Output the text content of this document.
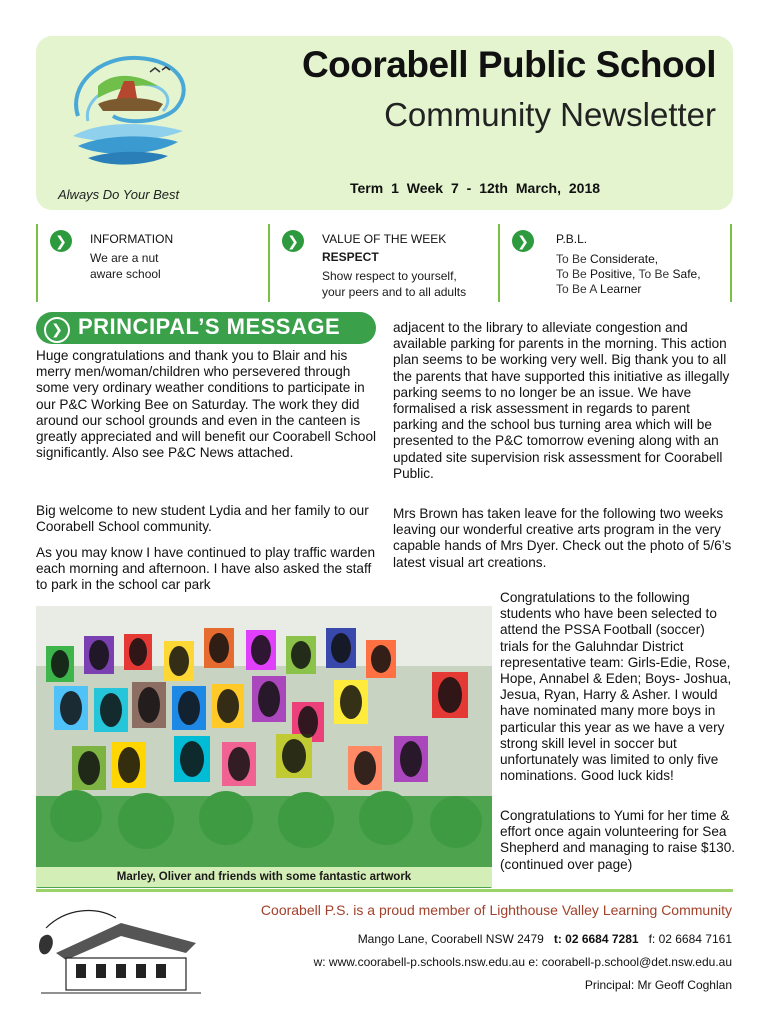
Coorabell Public School
Community Newsletter
Always Do Your Best	Term 1 Week 7 - 12th March, 2018
❯	INFORMATION
We are a nut
aware school
❯	VALUE OF THE WEEK
RESPECT
Show respect to yourself,
your peers and to all adults
❯	P.B.L.
To Be Considerate,
To Be Positive, To Be Safe,
To Be A Learner
❯ PRINCIPAL’S MESSAGE
Huge congratulations and thank you to Blair and his merry men/woman/children who persevered through some very ordinary weather conditions to participate in our P&C Working Bee on Saturday. The work they did around our school grounds and even in the canteen is greatly appreciated and will benefit our Coorabell School significantly. Also see P&C News attached.
Big welcome to new student Lydia and her family to our Coorabell School community.
As you may know I have continued to play traffic warden each morning and afternoon. I have also asked the staff to park in the school car park
adjacent to the library to alleviate congestion and available parking for parents in the morning. This action plan seems to be working very well. Big thank you to all the parents that have supported this initiative as illegally parking seems to no longer be an issue. We have formalised a risk assessment in regards to parent parking and the school bus turning area which will be presented to the P&C tomorrow evening along with an updated site supervision risk assessment for Coorabell Public.
Mrs Brown has taken leave for the following two weeks leaving our wonderful creative arts program in the very capable hands of Mrs Dyer. Check out the photo of 5/6’s latest visual art creations.
Congratulations to the following students who have been selected to attend the PSSA Football (soccer) trials for the Galuhndar District representative team: Girls-Edie, Rose, Hope, Annabel & Eden; Boys- Joshua, Jesua, Ryan, Harry & Asher. I would have nominated many more boys in particular this year as we have a very strong skill level in soccer but unfortunately was limited to only five nominations. Good luck kids!
Congratulations to Yumi for her time & effort once again volunteering for Sea Shepherd and managing to raise $130. (continued over page)
Marley, Oliver and friends with some fantastic artwork
Coorabell P.S. is a proud member of Lighthouse Valley Learning Community
Mango Lane, Coorabell NSW 2479 t: 02 6684 7281 f: 02 6684 7161
w: www.coorabell-p.schools.nsw.edu.au e: coorabell-p.school@det.nsw.edu.au
Principal: Mr Geoff Coghlan
